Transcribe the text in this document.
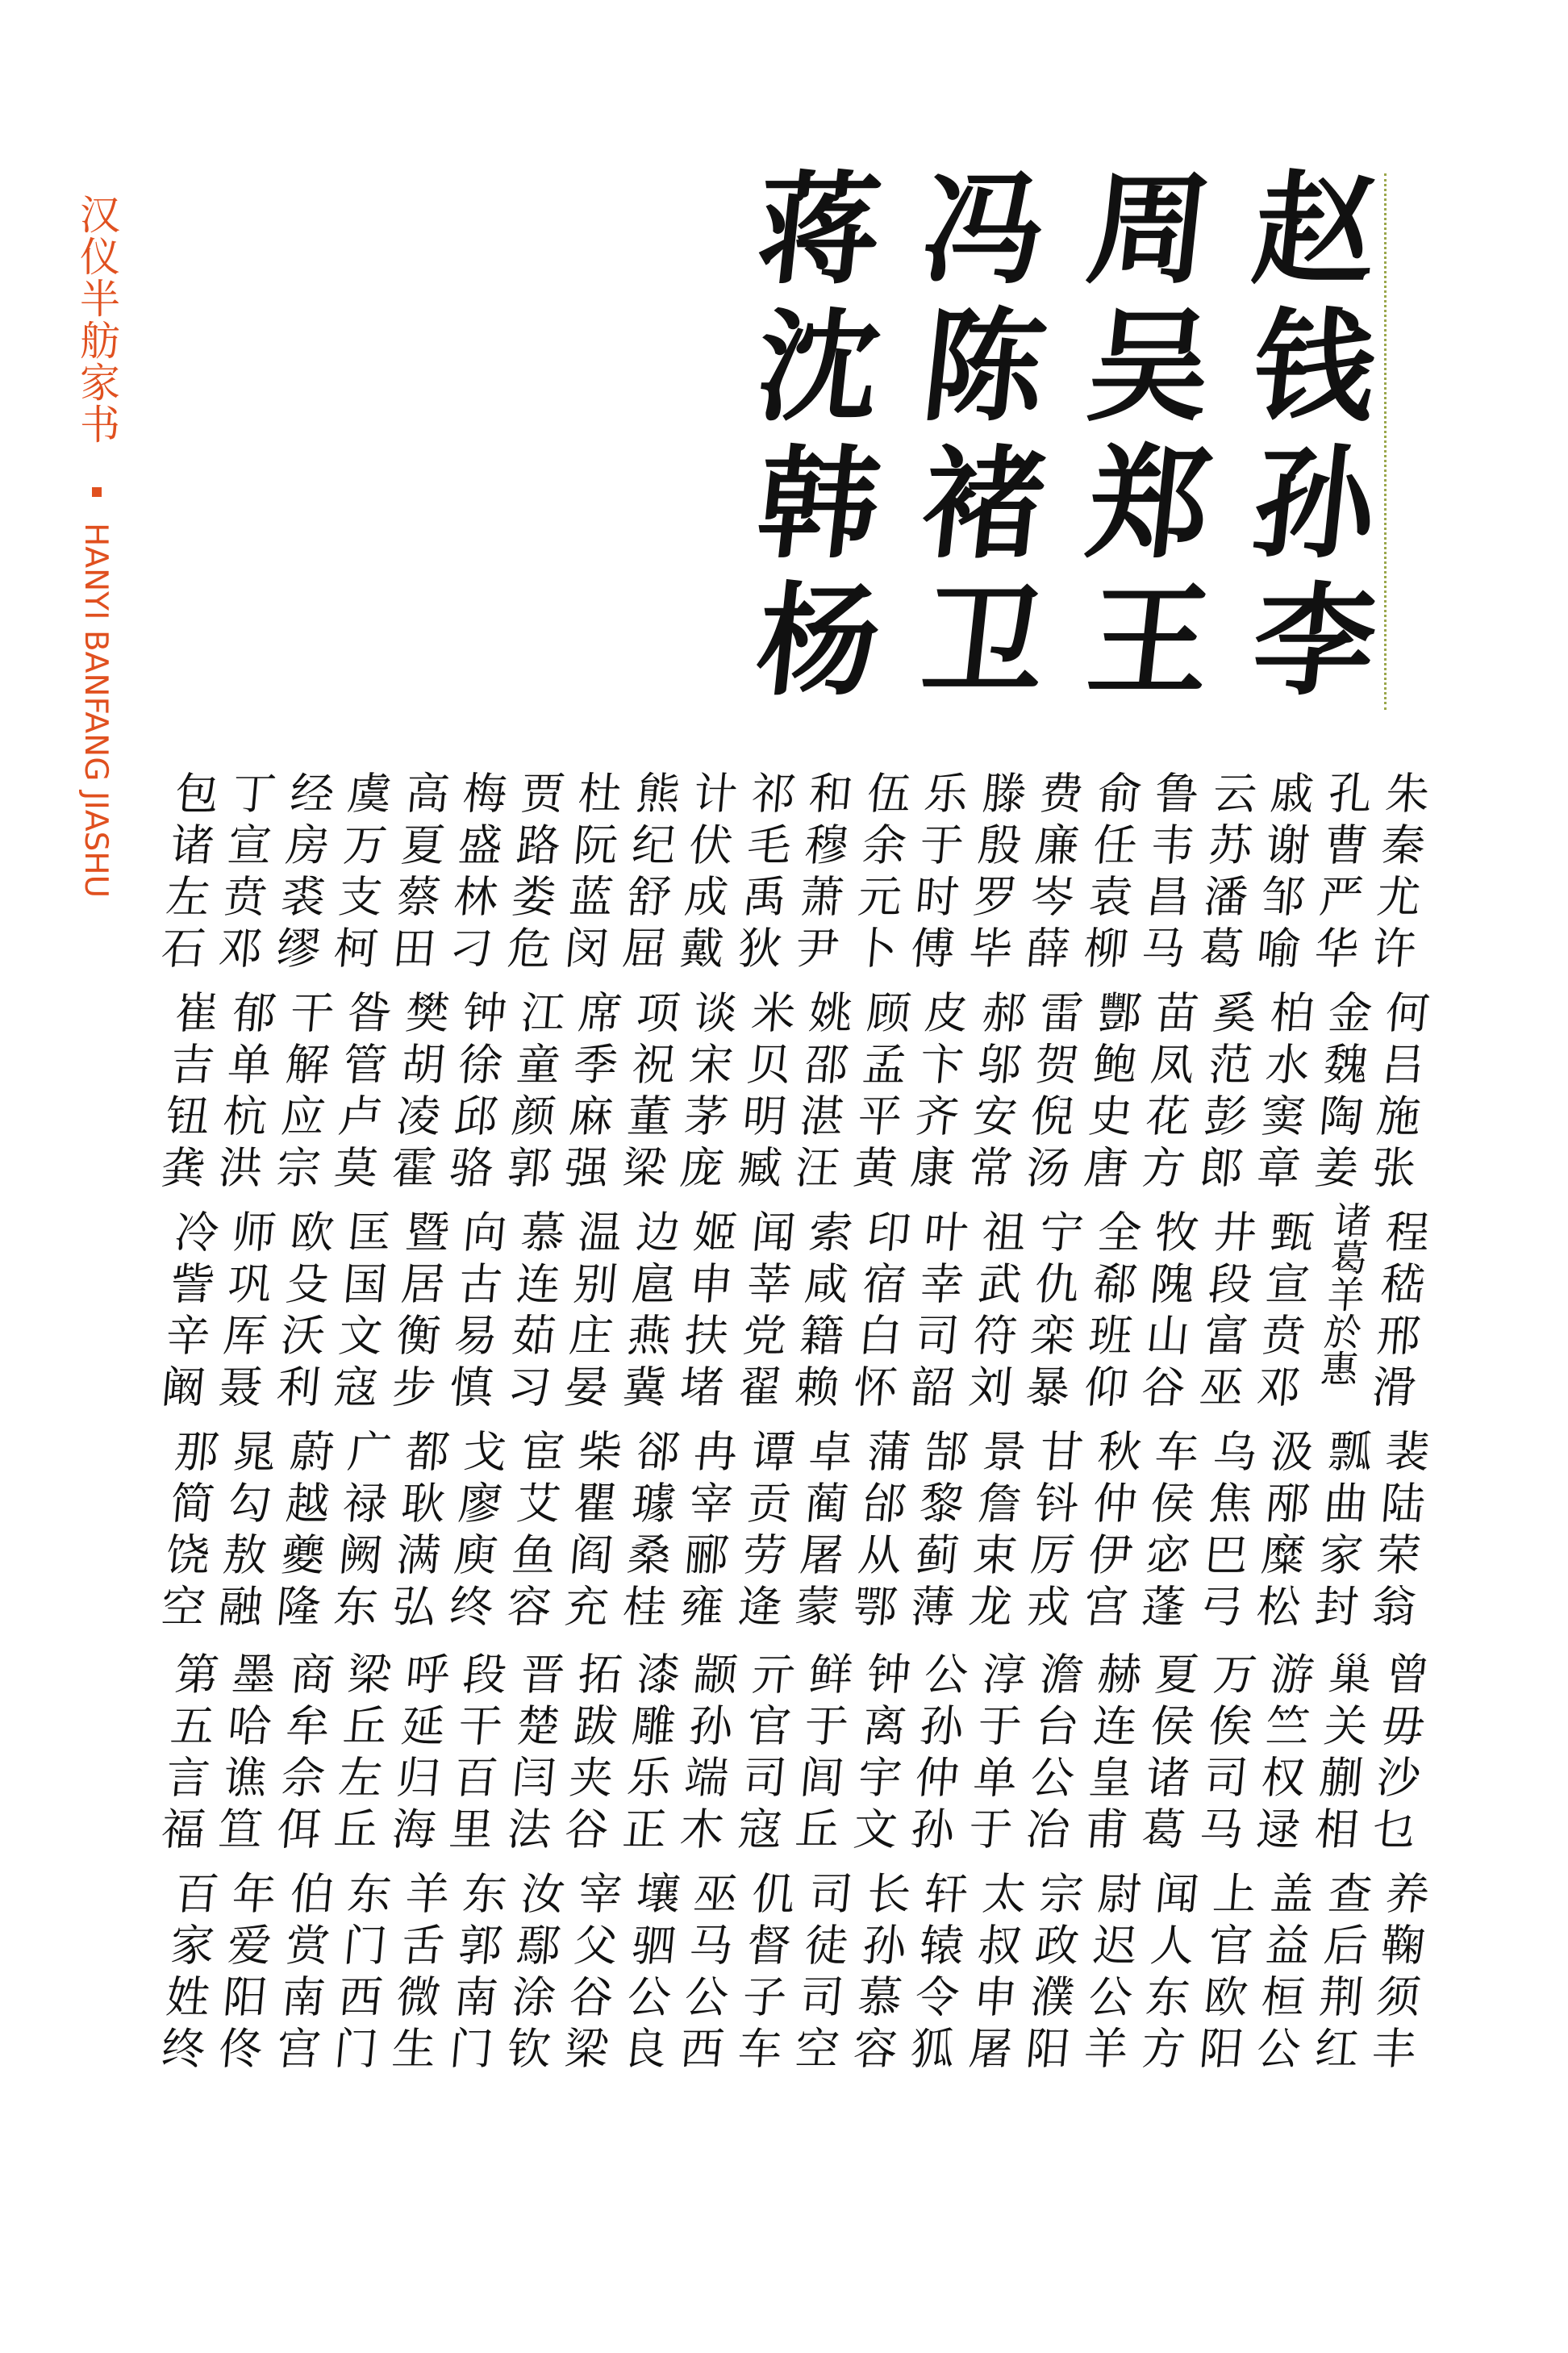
汉仪半舫家书
HANYI BANFANG JIASHU
赵
钱
孙
李
周
吴
郑
王
冯
陈
褚
卫
蒋
沈
韩
杨
朱秦尤许
何吕施张
程嵇邢滑
裴陆荣翁
曾毋沙乜
养鞠须丰
孔曹严华
金魏陶姜
诸葛羊於惠
瓢曲家封
巢关蒯相
查后荆红
戚谢邹喻
柏水窦章
甄宣贲邓
汲邴糜松
游竺权逯
盖益桓公
云苏潘葛
奚范彭郎
井段富巫
乌焦巴弓
万俟司马
上官欧阳
鲁韦昌马
苗凤花方
牧隗山谷
车侯宓蓬
夏侯诸葛
闻人东方
俞任袁柳
酆鲍史唐
全郗班仰
秋仲伊宫
赫连皇甫
尉迟公羊
费廉岑薛
雷贺倪汤
宁仇栾暴
甘钭厉戎
澹台公冶
宗政濮阳
滕殷罗毕
郝邬安常
祖武符刘
景詹束龙
淳于单于
太叔申屠
乐于时傅
皮卞齐康
叶幸司韶
郜黎蓟薄
公孙仲孙
轩辕令狐
伍余元卜
顾孟平黄
印宿白怀
蒲邰从鄂
钟离宇文
长孙慕容
和穆萧尹
姚邵湛汪
索咸籍赖
卓蔺屠蒙
鲜于闾丘
司徒司空
祁毛禹狄
米贝明臧
闻莘党翟
谭贡劳逄
亓官司寇
仉督子车
计伏成戴
谈宋茅庞
姬申扶堵
冉宰郦雍
颛孙端木
巫马公西
熊纪舒屈
项祝董梁
边扈燕冀
郤璩桑桂
漆雕乐正
壤驷公良
杜阮蓝闵
席季麻强
温别庄晏
柴瞿阎充
拓跋夹谷
宰父谷梁
贾路娄危
江童颜郭
慕连茹习
宦艾鱼容
晋楚闫法
汝鄢涂钦
梅盛林刁
钟徐邱骆
向古易慎
戈廖庾终
段干百里
东郭南门
高夏蔡田
樊胡凌霍
暨居衡步
都耿满弘
呼延归海
羊舌微生
虞万支柯
昝管卢莫
匡国文寇
广禄阙东
梁丘左丘
东门西门
经房裘缪
干解应宗
欧殳沃利
蔚越夔隆
商牟佘佴
伯赏南宫
丁宣贲邓
郁单杭洪
师巩厍聂
晁勾敖融
墨哈谯笪
年爱阳佟
包诸左石
崔吉钮龚
冷訾辛阚
那简饶空
第五言福
百家姓终
